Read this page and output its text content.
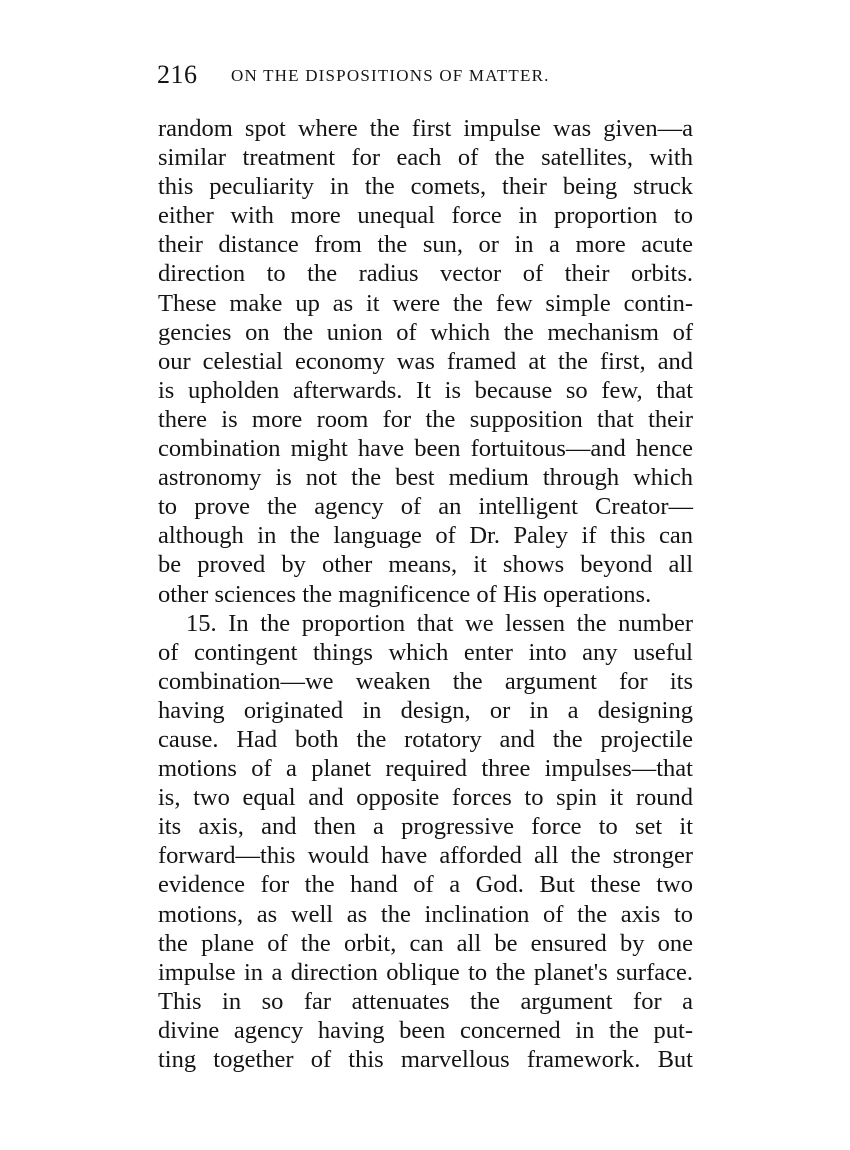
216 ON THE DISPOSITIONS OF MATTER.
random spot where the first impulse was given—a
similar treatment for each of the satellites, with
this peculiarity in the comets, their being struck
either with more unequal force in proportion to
their distance from the sun, or in a more acute
direction to the radius vector of their orbits.
These make up as it were the few simple contin-
gencies on the union of which the mechanism of
our celestial economy was framed at the first, and
is upholden afterwards. It is because so few, that
there is more room for the supposition that their
combination might have been fortuitous—and hence
astronomy is not the best medium through which
to prove the agency of an intelligent Creator—
although in the language of Dr. Paley if this can
be proved by other means, it shows beyond all
other sciences the magnificence of His operations.
15. In the proportion that we lessen the number
of contingent things which enter into any useful
combination—we weaken the argument for its
having originated in design, or in a designing
cause. Had both the rotatory and the projectile
motions of a planet required three impulses—that
is, two equal and opposite forces to spin it round
its axis, and then a progressive force to set it
forward—this would have afforded all the stronger
evidence for the hand of a God. But these two
motions, as well as the inclination of the axis to
the plane of the orbit, can all be ensured by one
impulse in a direction oblique to the planet's surface.
This in so far attenuates the argument for a
divine agency having been concerned in the put-
ting together of this marvellous framework. But
